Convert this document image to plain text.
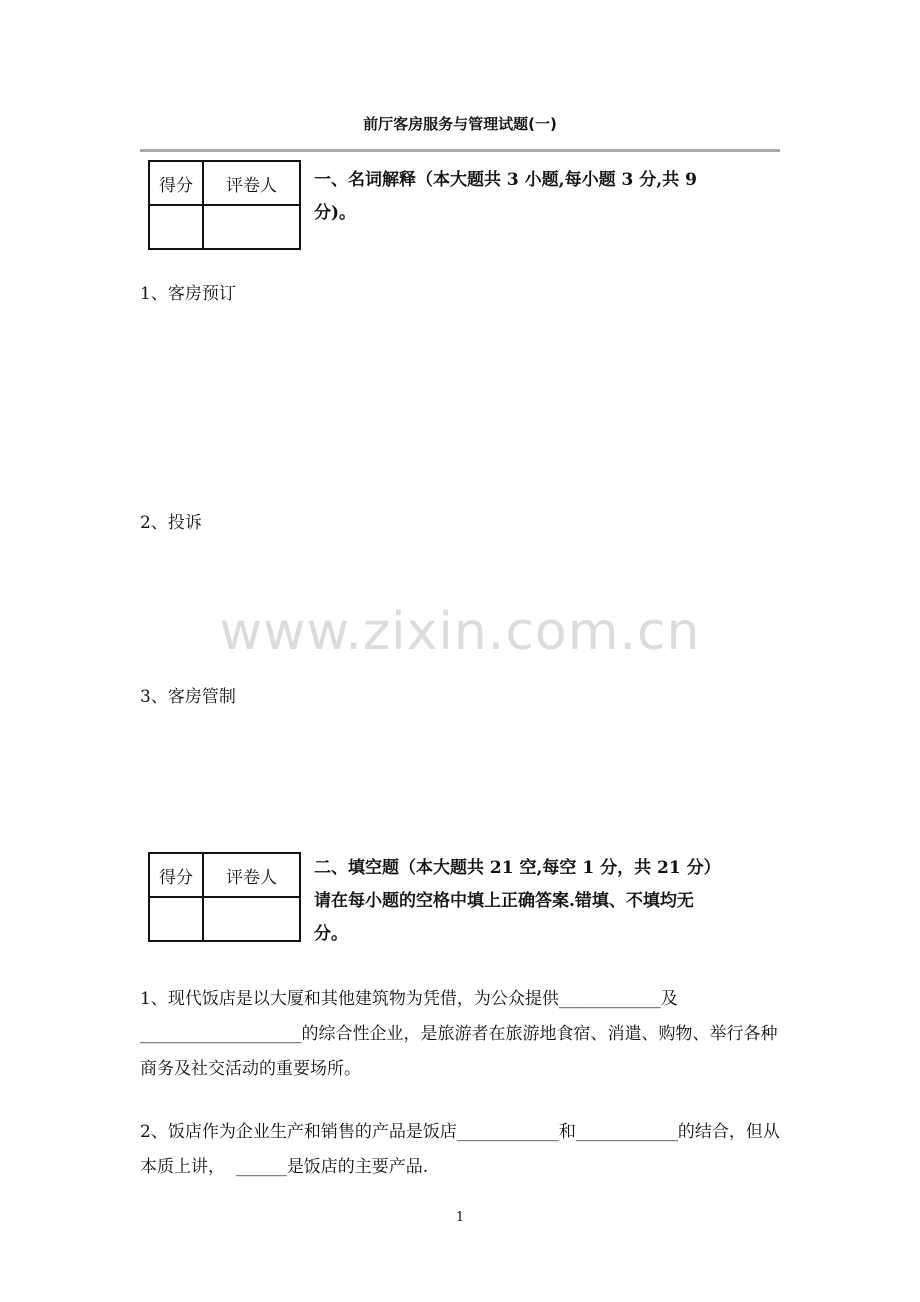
前厅客房服务与管理试题(一)
得分	评卷人
	一、名词解释（本大题共 3 小题,每小题 3 分,共 9
分)。
1、客房预订
2、投诉
3、客房管制
www.zixin.com.cn
得分	评卷人
	二、填空题（本大题共 21 空,每空 1 分，共 21 分）
请在每小题的空格中填上正确答案.错填、不填均无
分。
1、现代饭店是以大厦和其他建筑物为凭借，为公众提供____________及___________________的综合性企业，是旅游者在旅游地食宿、消遣、购物、举行各种商务及社交活动的重要场所。
2、饭店作为企业生产和销售的产品是饭店____________和____________的结合，但从本质上讲， ______是饭店的主要产品.
1
